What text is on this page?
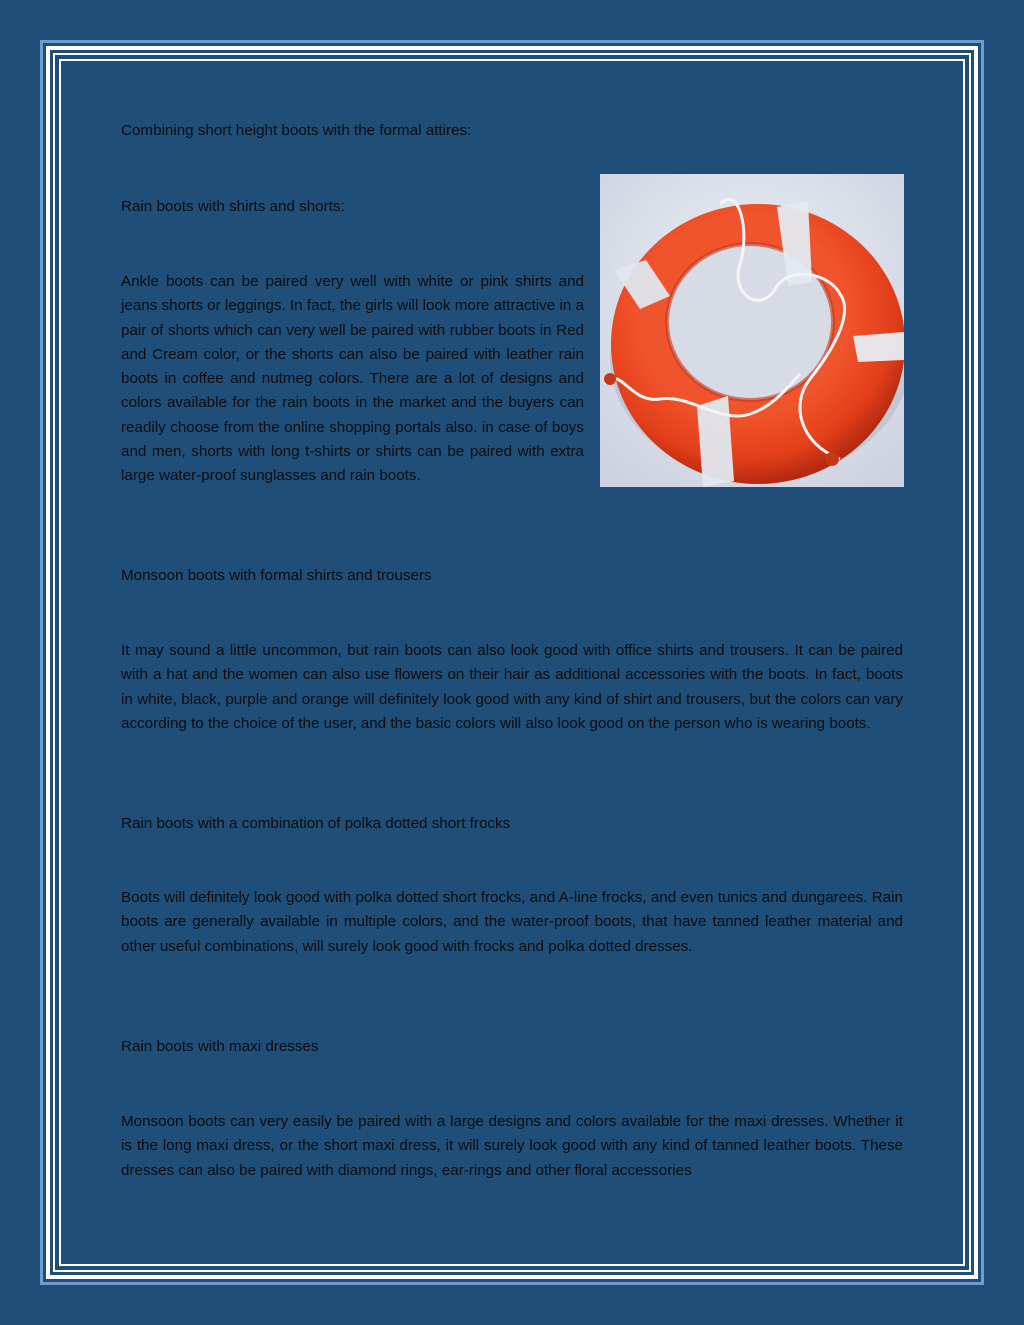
Combining short height boots with the formal attires:

Rain boots with shirts and shorts:

Ankle boots can be paired very well with white or pink shirts and jeans shorts or leggings. In fact, the girls will look more attractive in a pair of shorts which can very well be paired with rubber boots in Red and Cream color, or the shorts can also be paired with leather rain boots in coffee and nutmeg colors. There are a lot of designs and colors available for the rain boots in the market and the buyers can readily choose from the online shopping portals also. in case of boys and men, shorts with long t-shirts or shirts can be paired with extra large water-proof sunglasses and rain boots.

Monsoon boots with formal shirts and trousers

It may sound a little uncommon, but rain boots can also look good with office shirts and trousers. It can be paired with a hat and the women can also use flowers on their hair as additional accessories with the boots. In fact, boots in white, black, purple and orange will definitely look good with any kind of shirt and trousers, but the colors can vary according to the choice of the user, and the basic colors will also look good on the person who is wearing boots.

Rain boots with a combination of polka dotted short frocks

Boots will definitely look good with polka dotted short frocks, and A-line frocks, and even tunics and dungarees. Rain boots are generally available in multiple colors, and the water-proof boots, that have tanned leather material and other useful combinations, will surely look good with frocks and polka dotted dresses.

Rain boots with maxi dresses

Monsoon boots can very easily be paired with a large designs and colors available for the maxi dresses. Whether it is the long maxi dress, or the short maxi dress, it will surely look good with any kind of tanned leather boots. These dresses can also be paired with diamond rings, ear-rings and other floral accessories
